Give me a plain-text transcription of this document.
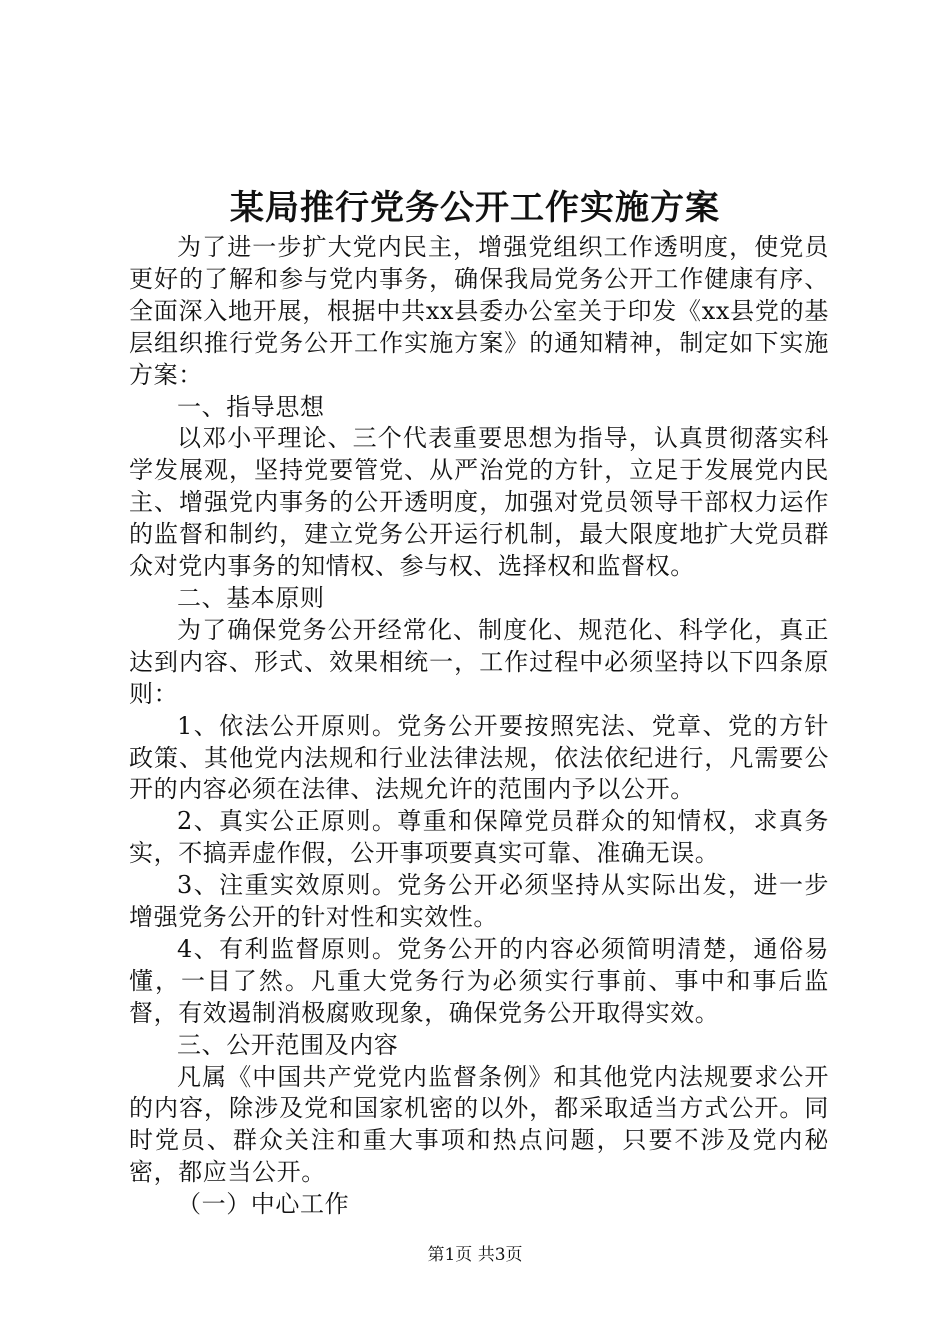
某局推行党务公开工作实施方案

为了进一步扩大党内民主，增强党组织工作透明度，使党员更好的了解和参与党内事务，确保我局党务公开工作健康有序、全面深入地开展，根据中共xx县委办公室关于印发《xx县党的基层组织推行党务公开工作实施方案》的通知精神，制定如下实施方案：

一、指导思想

以邓小平理论、三个代表重要思想为指导，认真贯彻落实科学发展观，坚持党要管党、从严治党的方针，立足于发展党内民主、增强党内事务的公开透明度，加强对党员领导干部权力运作的监督和制约，建立党务公开运行机制，最大限度地扩大党员群众对党内事务的知情权、参与权、选择权和监督权。

二、基本原则

为了确保党务公开经常化、制度化、规范化、科学化，真正达到内容、形式、效果相统一，工作过程中必须坚持以下四条原则：

1、依法公开原则。党务公开要按照宪法、党章、党的方针政策、其他党内法规和行业法律法规，依法依纪进行，凡需要公开的内容必须在法律、法规允许的范围内予以公开。

2、真实公正原则。尊重和保障党员群众的知情权，求真务实，不搞弄虚作假，公开事项要真实可靠、准确无误。

3、注重实效原则。党务公开必须坚持从实际出发，进一步增强党务公开的针对性和实效性。

4、有利监督原则。党务公开的内容必须简明清楚，通俗易懂，一目了然。凡重大党务行为必须实行事前、事中和事后监督，有效遏制消极腐败现象，确保党务公开取得实效。

三、公开范围及内容

凡属《中国共产党党内监督条例》和其他党内法规要求公开的内容，除涉及党和国家机密的以外，都采取适当方式公开。同时党员、群众关注和重大事项和热点问题，只要不涉及党内秘密，都应当公开。

（一）中心工作

第1页 共3页
